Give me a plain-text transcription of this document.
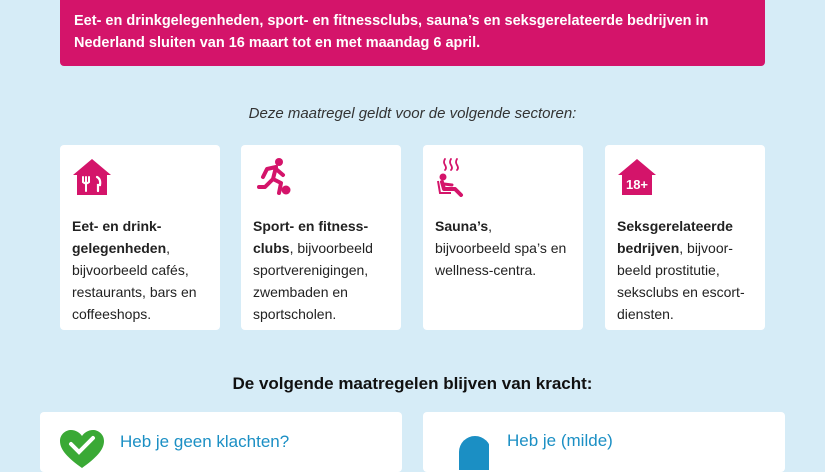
Eet- en drinkgelegenheden, sport- en fitnessclubs, sauna’s en seksgerelateerde bedrijven in Nederland sluiten van 16 maart tot en met maandag 6 april.
Deze maatregel geldt voor de volgende sectoren:
Eet- en drink-gelegenheden, bijvoorbeeld cafés, restaurants, bars en coffeeshops.
Sport- en fitness-clubs, bijvoorbeeld sportverenigingen, zwembaden en sportscholen.
Sauna’s, bijvoorbeeld spa’s en wellness-centra.
18+
Seksgerelateerde bedrijven, bijvoor-beeld prostitutie, seksclubs en escort-diensten.
De volgende maatregelen blijven van kracht:
Heb je geen klachten?	Heb je (milde)
